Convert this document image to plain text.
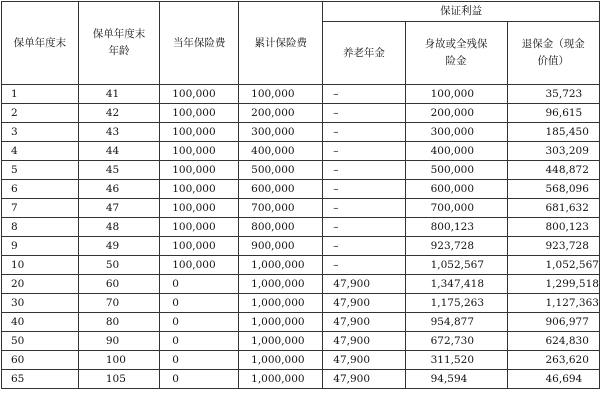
保单年度末	保单年度末年龄	当年保险费	累计保险费	保证利益		
				养老年金	身故或全残保险金	退保金（现金价值）
1	41	100,000	100,000	–	100,000	35,723
2	42	100,000	200,000	–	200,000	96,615
3	43	100,000	300,000	–	300,000	185,450
4	44	100,000	400,000	–	400,000	303,209
5	45	100,000	500,000	–	500,000	448,872
6	46	100,000	600,000	–	600,000	568,096
7	47	100,000	700,000	–	700,000	681,632
8	48	100,000	800,000	–	800,123	800,123
9	49	100,000	900,000	–	923,728	923,728
10	50	100,000	1,000,000	–	1,052,567	1,052,567
20	60	0	1,000,000	47,900	1,347,418	1,299,518
30	70	0	1,000,000	47,900	1,175,263	1,127,363
40	80	0	1,000,000	47,900	954,877	906,977
50	90	0	1,000,000	47,900	672,730	624,830
60	100	0	1,000,000	47,900	311,520	263,620
65	105	0	1,000,000	47,900	94,594	46,694
